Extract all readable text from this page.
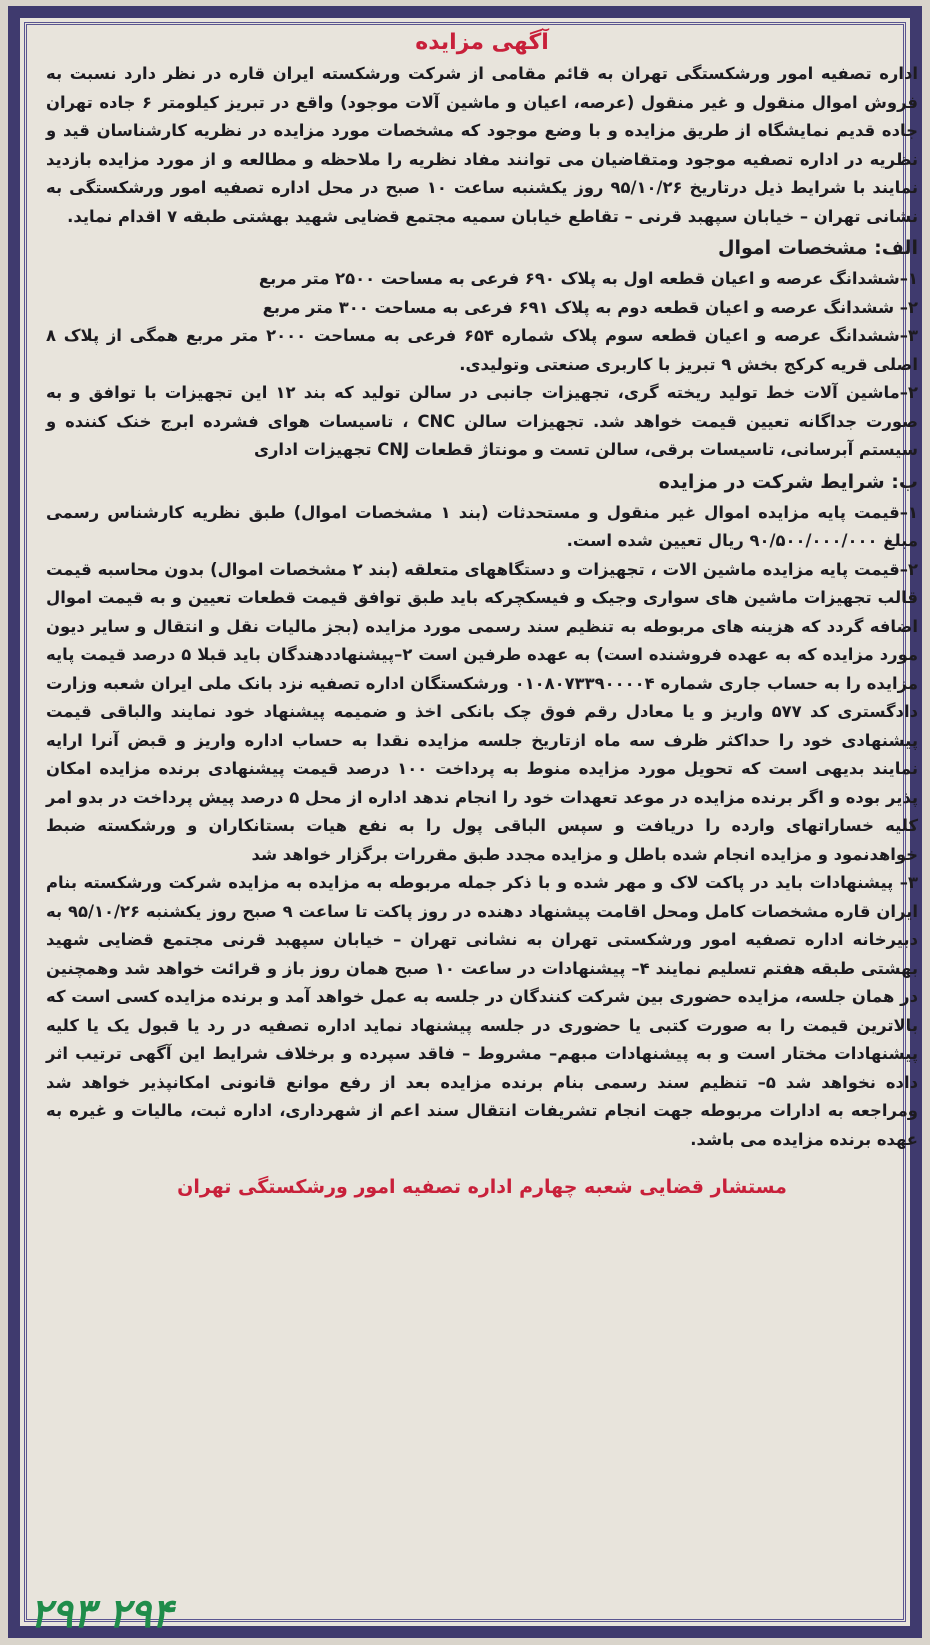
آگهی مزایده

اداره تصفیه امور ورشکستگی تهران به قائم مقامی از شرکت ورشکسته ایران قاره در نظر دارد نسبت به فروش اموال منقول و غیر منقول (عرصه، اعیان و ماشین آلات موجود) واقع در تبریز کیلومتر ۶ جاده تهران جاده قدیم نمایشگاه از طریق مزایده و با وضع موجود که مشخصات مورد مزایده در نظریه کارشناسان قید و نظریه در اداره تصفیه موجود ومتقاضیان می توانند مفاد نظریه را ملاحظه و مطالعه و از مورد مزایده بازدید نمایند با شرایط ذیل درتاریخ ۹۵/۱۰/۲۶ روز یکشنبه ساعت ۱۰ صبح در محل اداره تصفیه امور ورشکستگی به نشانی تهران – خیابان سپهبد قرنی – تقاطع خیابان سمیه مجتمع قضایی شهید بهشتی طبقه ۷ اقدام نماید.

الف: مشخصات اموال

۱–ششدانگ عرصه و اعیان قطعه اول به پلاک ۶۹۰ فرعی به مساحت ۲۵۰۰ متر مربع

۲– ششدانگ عرصه و اعیان قطعه دوم به پلاک ۶۹۱ فرعی به مساحت ۳۰۰ متر مربع

۳–ششدانگ عرصه و اعیان قطعه سوم پلاک شماره ۶۵۴ فرعی به مساحت ۲۰۰۰ متر مربع همگی از پلاک ۸ اصلی قریه کرکج بخش ۹ تبریز با کاربری صنعتی وتولیدی.

۲–ماشین آلات خط تولید ریخته گری، تجهیزات جانبی در سالن تولید که بند ۱۲ این تجهیزات با توافق و به صورت جداگانه تعیین قیمت خواهد شد. تجهیزات سالن CNC ، تاسیسات هوای فشرده ابرج خنک کننده و سیستم آبرسانی، تاسیسات برقی، سالن تست و مونتاژ قطعات CNJ تجهیزات اداری

ب: شرایط شرکت در مزایده

۱–قیمت پایه مزایده اموال غیر منقول و مستحدثات (بند ۱ مشخصات اموال) طبق نظریه کارشناس رسمی مبلغ ۹۰/۵۰۰/۰۰۰/۰۰۰ ریال تعیین شده است.

۲–قیمت پایه مزایده ماشین الات ، تجهیزات و دستگاههای متعلقه (بند ۲ مشخصات اموال) بدون محاسبه قیمت قالب تجهیزات ماشین های سواری وجیک و فیسکچرکه باید طبق توافق قیمت قطعات تعیین و به قیمت اموال اضافه گردد که هزینه های مربوطه به تنظیم سند رسمی مورد مزایده (بجز مالیات نقل و انتقال و سایر دیون مورد مزایده که به عهده فروشنده است) به عهده طرفین است ۲–پیشنهاددهندگان باید قبلا ۵ درصد قیمت پایه مزایده را به حساب جاری شماره ۰۱۰۸۰۷۳۳۹۰۰۰۰۴ ورشکستگان اداره تصفیه نزد بانک ملی ایران شعبه وزارت دادگستری کد ۵۷۷ واریز و یا معادل رقم فوق چک بانکی اخذ و ضمیمه پیشنهاد خود نمایند والباقی قیمت پیشنهادی خود را حداکثر ظرف سه ماه ازتاریخ جلسه مزایده نقدا به حساب اداره واریز و قبض آنرا ارایه نمایند بدیهی است که تحویل مورد مزایده منوط به پرداخت ۱۰۰ درصد قیمت پیشنهادی برنده مزایده امکان پذیر بوده و اگر برنده مزایده در موعد تعهدات خود را انجام ندهد اداره از محل ۵ درصد پیش پرداخت در بدو امر کلیه خساراتهای وارده را دریافت و سپس الباقی پول را به نفع هیات بستانکاران و ورشکسته ضبط خواهدنمود و مزایده انجام شده باطل و مزایده مجدد طبق مقررات برگزار خواهد شد

۳– پیشنهادات باید در پاکت لاک و مهر شده و با ذکر جمله مربوطه به مزایده به مزایده شرکت ورشکسته بنام ایران قاره مشخصات کامل ومحل اقامت پیشنهاد دهنده در روز پاکت تا ساعت ۹ صبح روز یکشنبه ۹۵/۱۰/۲۶ به دبیرخانه اداره تصفیه امور ورشکستی تهران به نشانی تهران – خیابان سپهبد قرنی مجتمع قضایی شهید بهشتی طبقه هفتم تسلیم نمایند ۴– پیشنهادات در ساعت ۱۰ صبح همان روز باز و قرائت خواهد شد وهمچنین در همان جلسه، مزایده حضوری بین شرکت کنندگان در جلسه به عمل خواهد آمد و برنده مزایده کسی است که بالاترین قیمت را به صورت کتبی یا حضوری در جلسه پیشنهاد نماید اداره تصفیه در رد یا قبول یک یا کلیه پیشنهادات مختار است و به پیشنهادات مبهم– مشروط – فاقد سپرده و برخلاف شرایط این آگهی ترتیب اثر داده نخواهد شد ۵– تنظیم سند رسمی بنام برنده مزایده بعد از رفع موانع قانونی امکانپذیر خواهد شد ومراجعه به ادارات مربوطه جهت انجام تشریفات انتقال سند اعم از شهرداری، اداره ثبت، مالیات و غیره به عهده برنده مزایده می باشد.

مستشار قضایی شعبه چهارم اداره تصفیه امور ورشکستگی تهران
۲۹۳ ۲۹۴
